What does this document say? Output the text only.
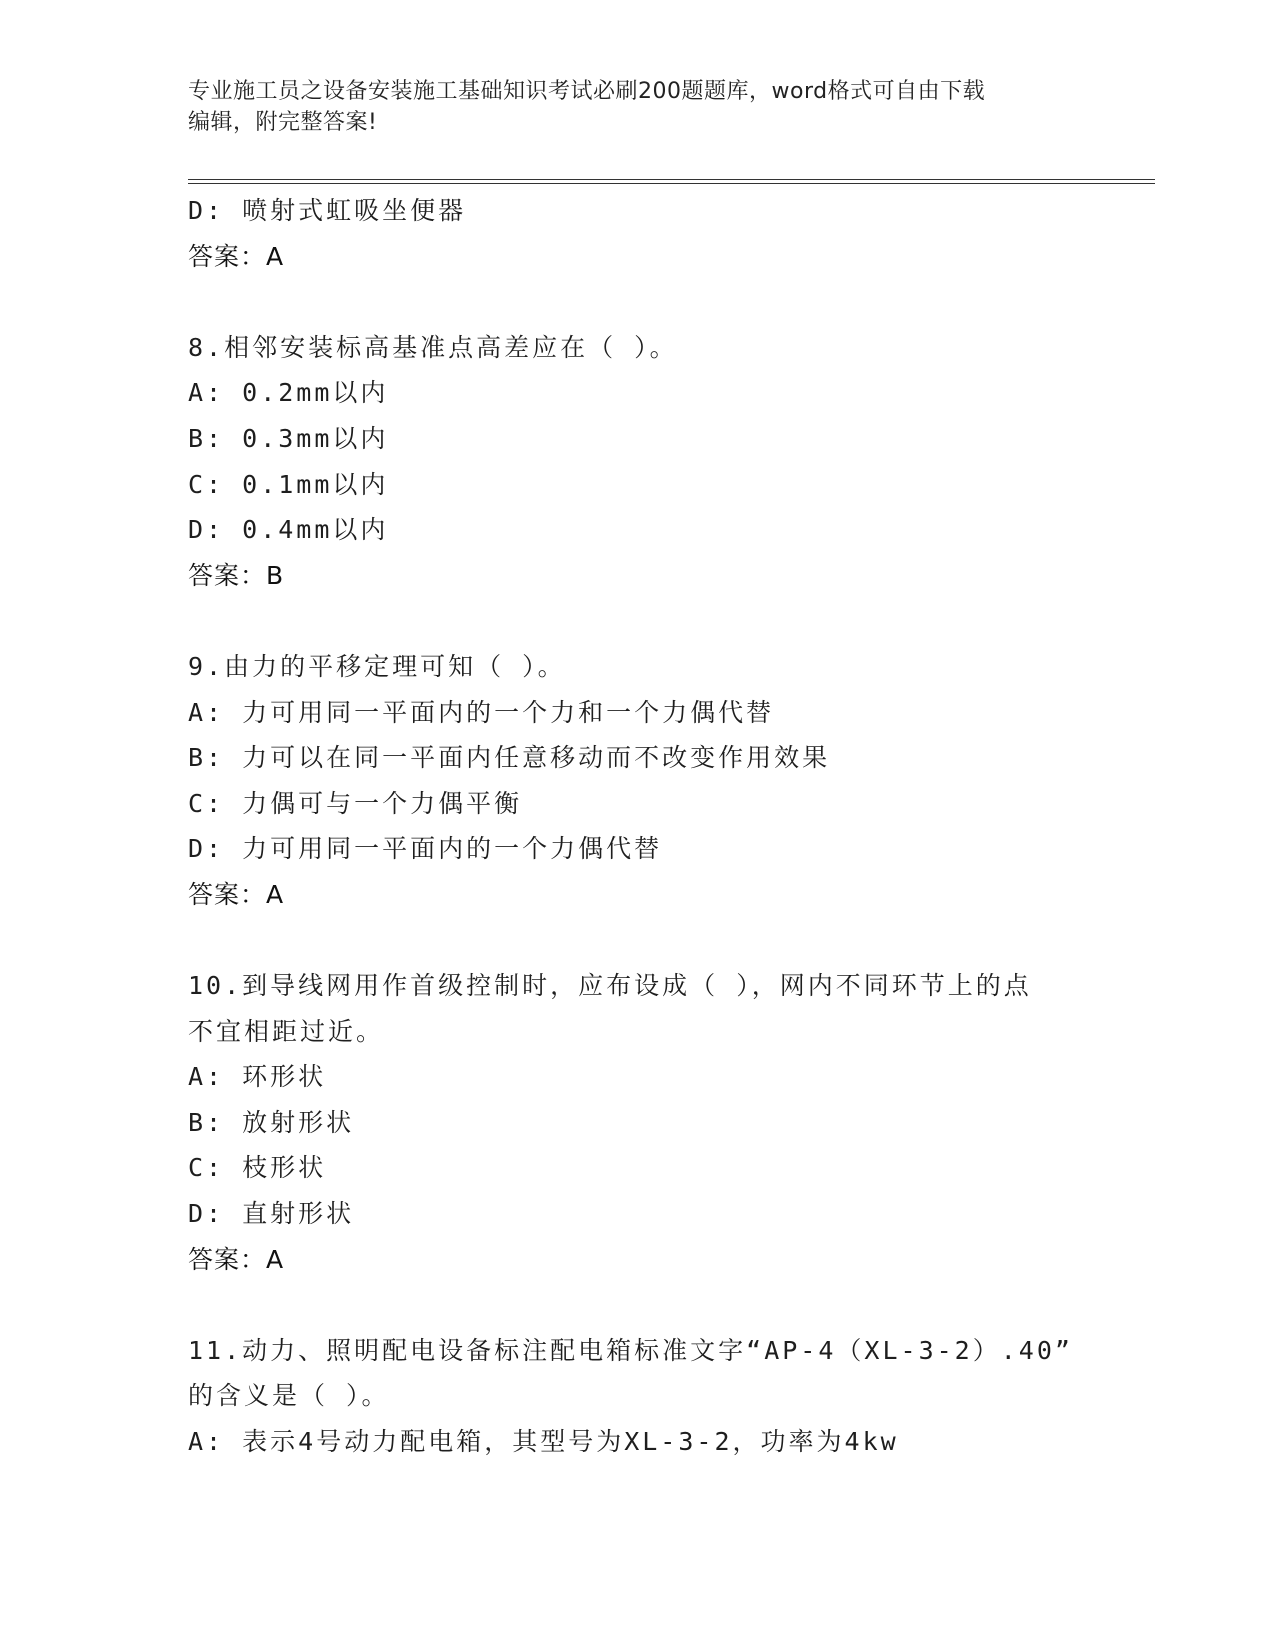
专业施工员之设备安装施工基础知识考试必刷200题题库，word格式可自由下载
编辑，附完整答案!
D: 喷射式虹吸坐便器
答案：A
8.相邻安装标高基准点高差应在（ ）。
A: 0.2mm以内
B: 0.3mm以内
C: 0.1mm以内
D: 0.4mm以内
答案：B
9.由力的平移定理可知（ ）。
A: 力可用同一平面内的一个力和一个力偶代替
B: 力可以在同一平面内任意移动而不改变作用效果
C: 力偶可与一个力偶平衡
D: 力可用同一平面内的一个力偶代替
答案：A
10.到导线网用作首级控制时，应布设成（ ），网内不同环节上的点
不宜相距过近。
A: 环形状
B: 放射形状
C: 枝形状
D: 直射形状
答案：A
11.动力、照明配电设备标注配电箱标准文字“AP-4（XL-3-2）.40”
的含义是（ ）。
A: 表示4号动力配电箱，其型号为XL-3-2，功率为4kw
